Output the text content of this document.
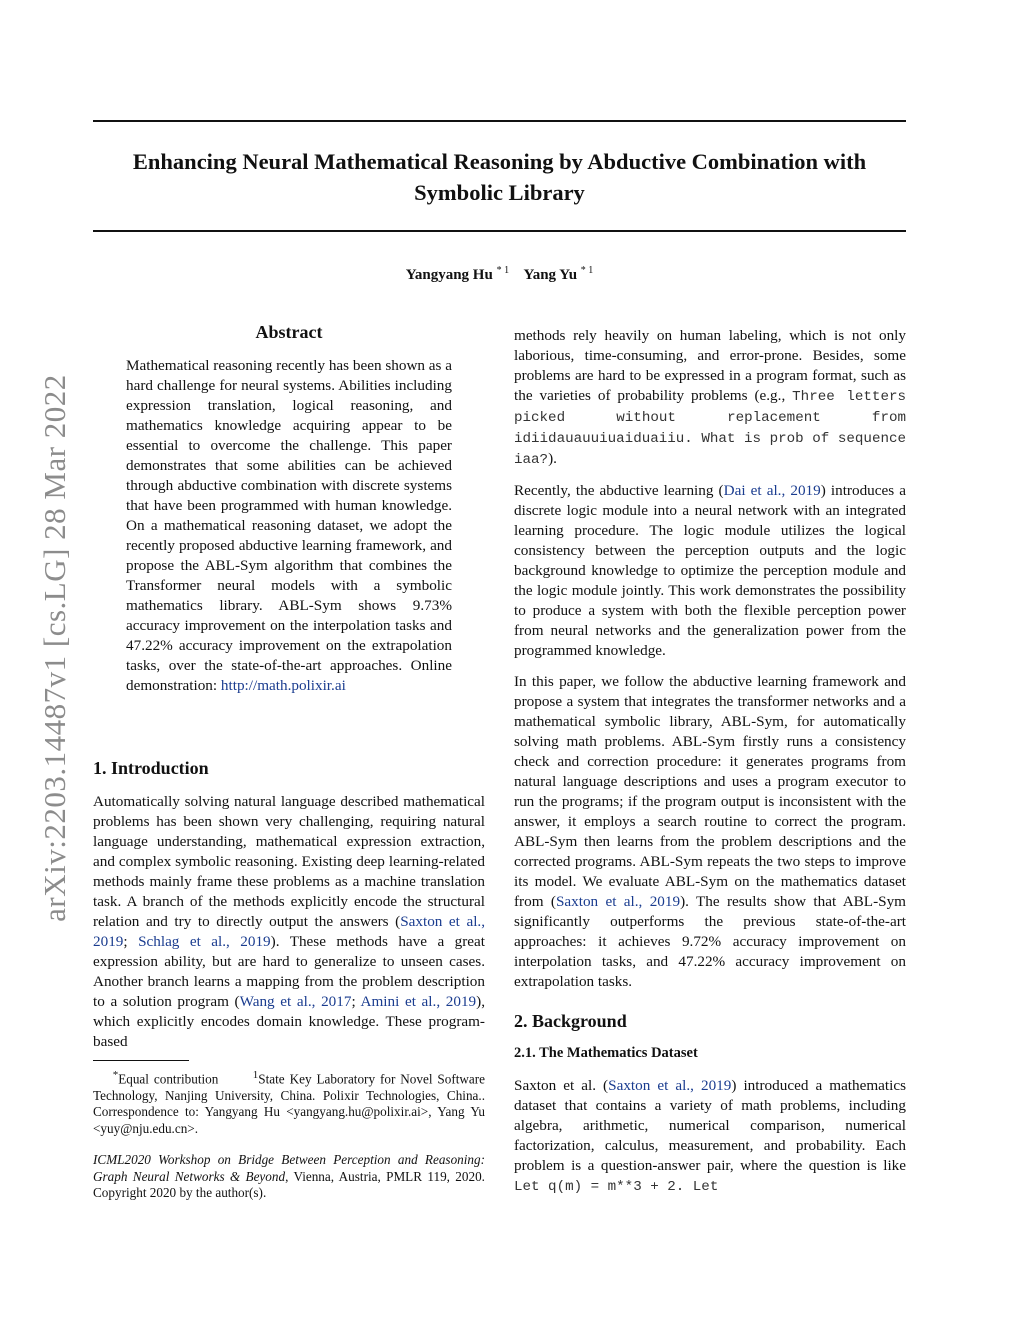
arXiv:2203.14487v1 [cs.LG] 28 Mar 2022
Enhancing Neural Mathematical Reasoning by Abductive Combination with
Symbolic Library
Yangyang Hu $^{* 1}$ Yang Yu $^{* 1}$
Abstract
Mathematical reasoning recently has been shown as a hard challenge for neural systems. Abilities including expression translation, logical reasoning, and mathematics knowledge acquiring appear to be essential to overcome the challenge. This paper demonstrates that some abilities can be achieved through abductive combination with discrete systems that have been programmed with human knowledge. On a mathematical reasoning dataset, we adopt the recently proposed abductive learning framework, and propose the ABL-Sym algorithm that combines the Transformer neural models with a symbolic mathematics library. ABL-Sym shows 9.73% accuracy improvement on the interpolation tasks and 47.22% accuracy improvement on the extrapolation tasks, over the state-of-the-art approaches. Online demonstration: http://math.polixir.ai
1. Introduction
Automatically solving natural language described mathematical problems has been shown very challenging, requiring natural language understanding, mathematical expression extraction, and complex symbolic reasoning. Existing deep learning-related methods mainly frame these problems as a machine translation task. A branch of the methods explicitly encode the structural relation and try to directly output the answers (Saxton et al., 2019; Schlag et al., 2019). These methods have a great expression ability, but are hard to generalize to unseen cases. Another branch learns a mapping from the problem description to a solution program (Wang et al., 2017; Amini et al., 2019), which explicitly encodes domain knowledge. These program-based
*Equal contribution	$^1$State Key Laboratory for Novel Software Technology, Nanjing University, China. Polixir Technologies, China.. Correspondence to: Yangyang Hu <yangyang.hu@polixir.ai>, Yang Yu <yuy@nju.edu.cn>.
ICML2020 Workshop on Bridge Between Perception and Reasoning: Graph Neural Networks & Beyond, Vienna, Austria, PMLR 119, 2020. Copyright 2020 by the author(s).

methods rely heavily on human labeling, which is not only laborious, time-consuming, and error-prone. Besides, some problems are hard to be expressed in a program format, such as the varieties of probability problems (e.g., Three letters picked without replacement from idiidauauuiuaiduaiiu. What is prob of sequence iaa?).

Recently, the abductive learning (Dai et al., 2019) introduces a discrete logic module into a neural network with an integrated learning procedure. The logic module utilizes the logical consistency between the perception outputs and the logic background knowledge to optimize the perception module and the logic module jointly. This work demonstrates the possibility to produce a system with both the flexible perception power from neural networks and the generalization power from the programmed knowledge.

In this paper, we follow the abductive learning framework and propose a system that integrates the transformer networks and a mathematical symbolic library, ABL-Sym, for automatically solving math problems. ABL-Sym firstly runs a consistency check and correction procedure: it generates programs from natural language descriptions and uses a program executor to run the programs; if the program output is inconsistent with the answer, it employs a search routine to correct the program. ABL-Sym then learns from the problem descriptions and the corrected programs. ABL-Sym repeats the two steps to improve its model. We evaluate ABL-Sym on the mathematics dataset from (Saxton et al., 2019). The results show that ABL-Sym significantly outperforms the previous state-of-the-art approaches: it achieves 9.72% accuracy improvement on interpolation tasks, and 47.22% accuracy improvement on extrapolation tasks.

2. Background
2.1. The Mathematics Dataset
Saxton et al. (Saxton et al., 2019) introduced a mathematics dataset that contains a variety of math problems, including algebra, arithmetic, numerical comparison, numerical factorization, calculus, measurement, and probability. Each problem is a question-answer pair, where the question is like Let q(m) = m**3 + 2. Let
